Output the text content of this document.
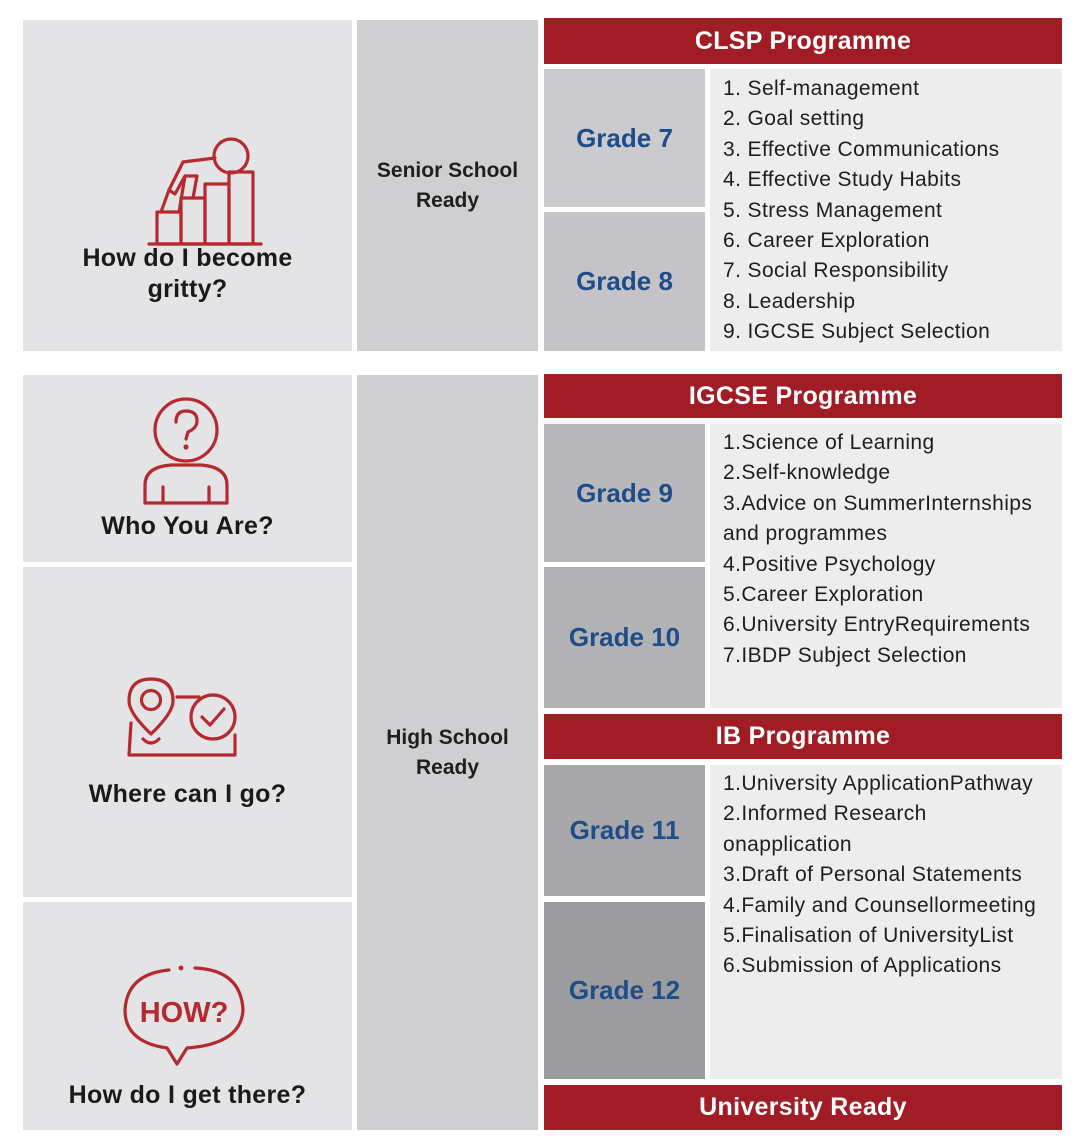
How do I become gritty?
Senior School
Ready
CLSP Programme
Grade 7
Grade 8
1. Self-management
2. Goal setting
3. Effective Communications
4. Effective Study Habits
5. Stress Management
6. Career Exploration
7. Social Responsibility
8. Leadership
9. IGCSE Subject Selection
Who You Are?
Where can I go?
HOW?
How do I get there?
High School
Ready
IGCSE Programme
Grade 9
Grade 10
1.Science of Learning
2.Self-knowledge
3.Advice on SummerInternships and programmes
4.Positive Psychology
5.Career Exploration
6.University EntryRequirements
7.IBDP Subject Selection
IB Programme
Grade 11
Grade 12
1.University ApplicationPathway
2.Informed Research onapplication
3.Draft of Personal Statements
4.Family and Counsellormeeting
5.Finalisation of UniversityList
6.Submission of Applications
University Ready
